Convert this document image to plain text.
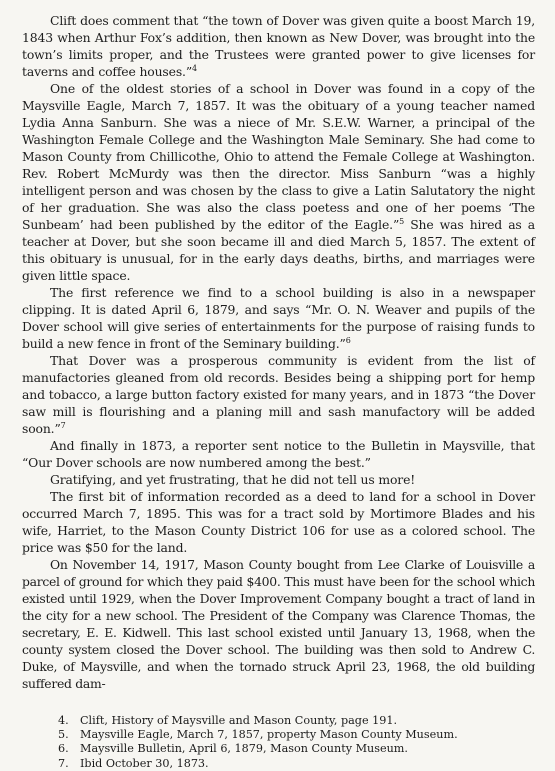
Clift does comment that “the town of Dover was given quite a boost March 19, 1843 when Arthur Fox’s addition, then known as New Dover, was brought into the town’s limits proper, and the Trustees were granted power to give licenses for taverns and coffee houses.”$^4$

One of the oldest stories of a school in Dover was found in a copy of the Maysville Eagle, March 7, 1857. It was the obituary of a young teacher named Lydia Anna Sanburn. She was a niece of Mr. S.E.W. Warner, a principal of the Washington Female College and the Washington Male Seminary. She had come to Mason County from Chillicothe, Ohio to attend the Female College at Washington. Rev. Robert McMurdy was then the director. Miss Sanburn “was a highly intelligent person and was chosen by the class to give a Latin Salutatory the night of her graduation. She was also the class poetess and one of her poems ‘The Sunbeam’ had been published by the editor of the Eagle.”$^5$ She was hired as a teacher at Dover, but she soon became ill and died March 5, 1857. The extent of this obituary is unusual, for in the early days deaths, births, and marriages were given little space.

The first reference we find to a school building is also in a newspaper clipping. It is dated April 6, 1879, and says “Mr. O. N. Weaver and pupils of the Dover school will give series of entertainments for the purpose of raising funds to build a new fence in front of the Seminary building.”$^6$

That Dover was a prosperous community is evident from the list of manufactories gleaned from old records. Besides being a shipping port for hemp and tobacco, a large button factory existed for many years, and in 1873 “the Dover saw mill is flourishing and a planing mill and sash manufactory will be added soon.”$^7$

And finally in 1873, a reporter sent notice to the Bulletin in Maysville, that “Our Dover schools are now numbered among the best.”

Gratifying, and yet frustrating, that he did not tell us more!

The first bit of information recorded as a deed to land for a school in Dover occurred March 7, 1895. This was for a tract sold by Mortimore Blades and his wife, Harriet, to the Mason County District 106 for use as a colored school. The price was $50 for the land.

On November 14, 1917, Mason County bought from Lee Clarke of Louisville a parcel of ground for which they paid $400. This must have been for the school which existed until 1929, when the Dover Improvement Company bought a tract of land in the city for a new school. The President of the Company was Clarence Thomas, the secretary, E. E. Kidwell. This last school existed until January 13, 1968, when the county system closed the Dover school. The building was then sold to Andrew C. Duke, of Maysville, and when the tornado struck April 23, 1968, the old building suffered dam-

4. Clift, History of Maysville and Mason County, page 191.
5. Maysville Eagle, March 7, 1857, property Mason County Museum.
6. Maysville Bulletin, April 6, 1879, Mason County Museum.
7. Ibid October 30, 1873.
